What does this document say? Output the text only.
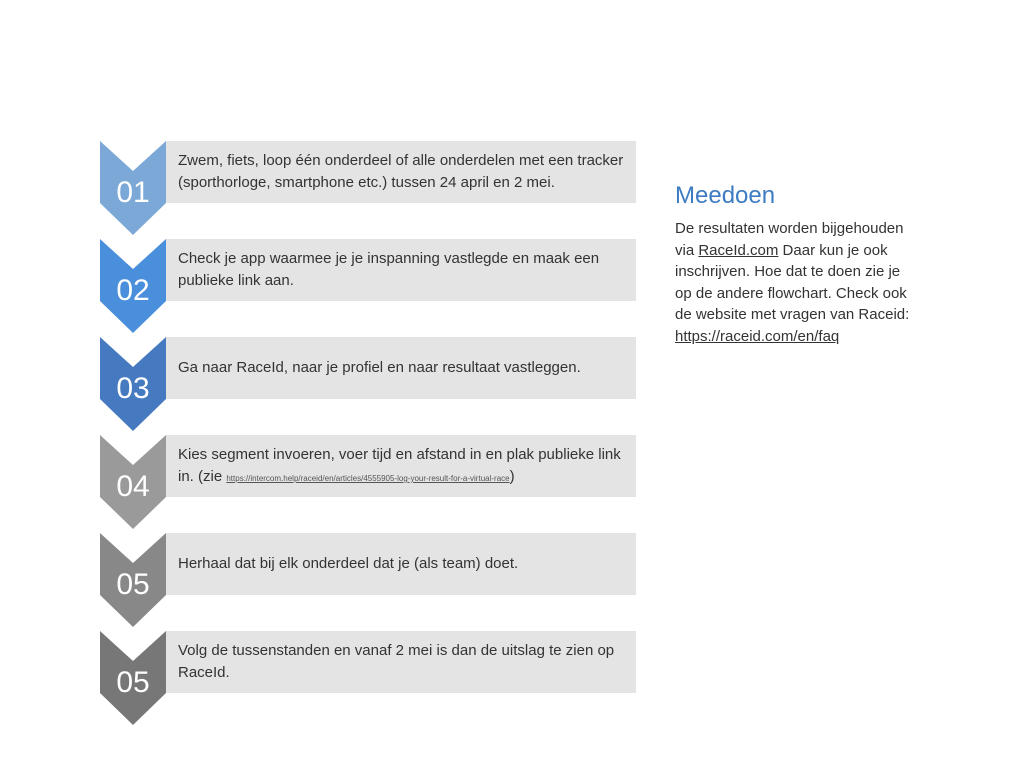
01
Zwem, fiets, loop één onderdeel of alle onderdelen met een tracker (sporthorloge, smartphone etc.) tussen 24 april en 2 mei.
02
Check je app waarmee je je inspanning vastlegde en maak een publieke link aan.
03
Ga naar RaceId, naar je profiel en naar resultaat vastleggen.
04
Kies segment invoeren, voer tijd en afstand in en plak publieke link in. (zie https://intercom.help/raceid/en/articles/4555905-log-your-result-for-a-virtual-race)
05
Herhaal dat bij elk onderdeel dat je (als team) doet.
05
Volg de tussenstanden en vanaf 2 mei is dan de uitslag te zien op RaceId.
Meedoen
De resultaten worden bijgehouden via RaceId.com Daar kun je ook inschrijven. Hoe dat te doen zie je op de andere flowchart. Check ook de website met vragen van Raceid: https://raceid.com/en/faq
